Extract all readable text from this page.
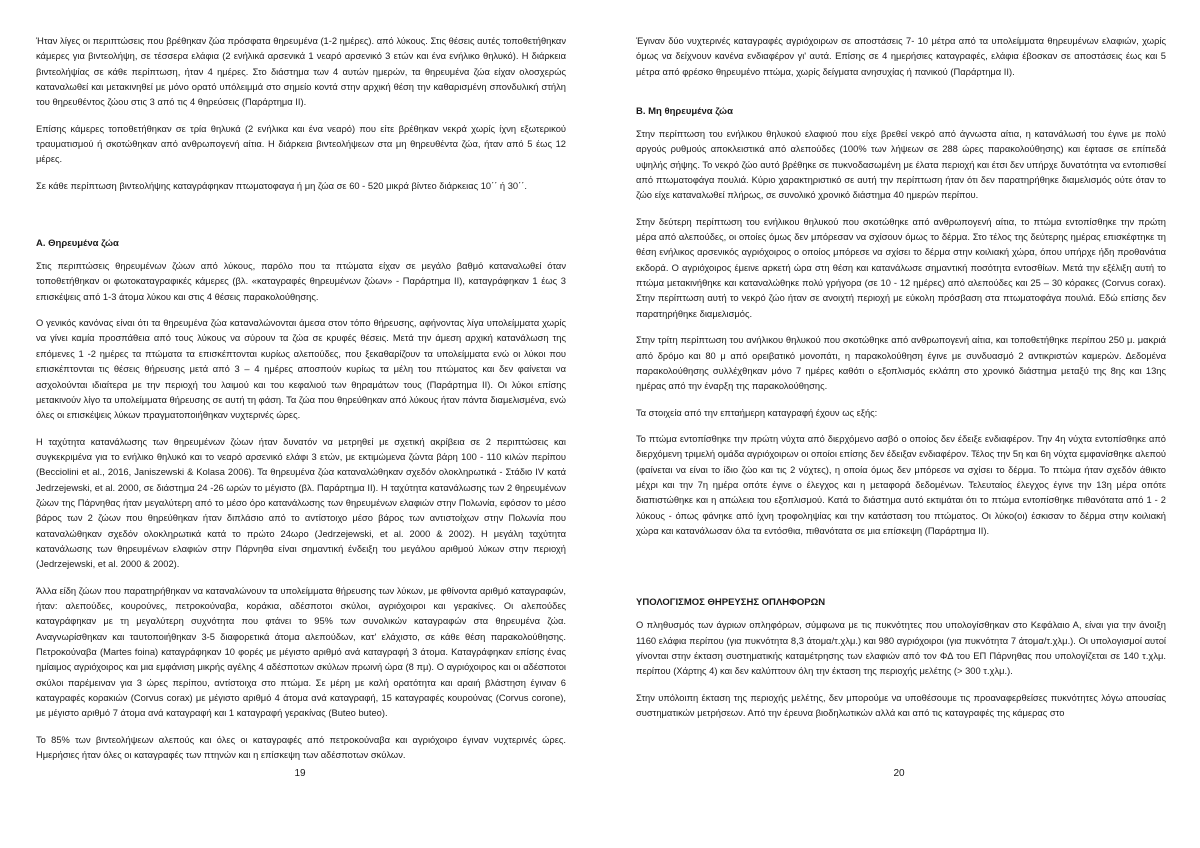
Ήταν λίγες οι περιπτώσεις που βρέθηκαν ζώα πρόσφατα θηρευμένα (1-2 ημέρες). από λύκους. Στις θέσεις αυτές τοποθετήθηκαν κάμερες για βιντεολήψη, σε τέσσερα ελάφια (2 ενήλικά αρσενικά 1 νεαρό αρσενικό 3 ετών και ένα ενήλικο θηλυκό). Η διάρκεια βιντεολήψίας σε κάθε περίπτωση, ήταν 4 ημέρες. Στο διάστημα των 4 αυτών ημερών, τα θηρευμένα ζώα είχαν ολοσχερώς καταναλωθεί και μετακινηθεί με μόνο ορατό υπόλειμμά στο σημείο κοντά στην αρχική θέση την καθαρισμένη σπονδυλική στήλη του θηρευθέντος ζώου στις 3 από τις 4 θηρεύσεις (Παράρτημα ΙΙ).

Επίσης κάμερες τοποθετήθηκαν σε τρία θηλυκά (2 ενήλικα και ένα νεαρό) που είτε βρέθηκαν νεκρά χωρίς ίχνη εξωτερικού τραυματισμού ή σκοτώθηκαν από ανθρωπογενή αίτια. Η διάρκεια βιντεολήψεων στα μη θηρευθέντα ζώα, ήταν από 5 έως 12 μέρες.

Σε κάθε περίπτωση βιντεολήψης καταγράφηκαν πτωματοφαγα ή μη ζώα σε 60 - 520 μικρά βίντεο διάρκειας 10΄΄ ή 30΄΄.

Α. Θηρευμένα ζώα

Στις περιπτώσεις θηρευμένων ζώων από λύκους, παρόλο που τα πτώματα είχαν σε μεγάλο βαθμό καταναλωθεί όταν τοποθετήθηκαν οι φωτοκαταγραφικές κάμερες (βλ. «καταγραφές θηρευμένων ζώων» - Παράρτημα ΙΙ), καταγράφηκαν 1 έως 3 επισκέψεις από 1-3 άτομα λύκου και στις 4 θέσεις παρακολούθησης.

Ο γενικός κανόνας είναι ότι τα θηρευμένα ζώα καταναλώνονται άμεσα στον τόπο θήρευσης, αφήνοντας λίγα υπολείμματα χωρίς να γίνει καμία προσπάθεια από τους λύκους να σύρουν τα ζώα σε κρυφές θέσεις. Μετά την άμεση αρχική κατανάλωση της επόμενες 1 -2 ημέρες τα πτώματα τα επισκέπτονται κυρίως αλεπούδες, που ξεκαθαρίζουν τα υπολείμματα ενώ οι λύκοι που επισκέπτονται τις θέσεις θήρευσης μετά από 3 – 4 ημέρες αποσπούν κυρίως τα μέλη του πτώματος και δεν φαίνεται να ασχολούνται ιδιαίτερα με την περιοχή του λαιμού και του κεφαλιού των θηραμάτων τους (Παράρτημα ΙΙ). Οι λύκοι επίσης μετακινούν λίγο τα υπολείμματα θήρευσης σε αυτή τη φάση. Τα ζώα που θηρεύθηκαν από λύκους ήταν πάντα διαμελισμένα, ενώ όλες οι επισκέψεις λύκων πραγματοποιήθηκαν νυχτερινές ώρες.

Η ταχύτητα κατανάλωσης των θηρευμένων ζώων ήταν δυνατόν να μετρηθεί με σχετική ακρίβεια σε 2 περιπτώσεις και συγκεκριμένα για το ενήλικο θηλυκό και το νεαρό αρσενικό ελάφι 3 ετών, με εκτιμώμενα ζώντα βάρη 100 - 110 κιλών περίπου (Becciolini et al., 2016, Janiszewski & Kolasa 2006). Τα θηρευμένα ζώα καταναλώθηκαν σχεδόν ολοκληρωτικά - Στάδιο IV κατά Jedrzejewski, et al. 2000, σε διάστημα 24 -26 ωρών το μέγιστο (βλ. Παράρτημα ΙΙ). Η ταχύτητα κατανάλωσης των 2 θηρευμένων ζώων της Πάρνηθας ήταν μεγαλύτερη από το μέσο όρο κατανάλωσης των θηρευμένων ελαφιών στην Πολωνία, εφόσον το μέσο βάρος των 2 ζώων που θηρεύθηκαν ήταν διπλάσιο από το αντίστοιχο μέσο βάρος των αντιστοίχων στην Πολωνία που καταναλώθηκαν σχεδόν ολοκληρωτικά κατά το πρώτο 24ωρο (Jedrzejewski, et al. 2000 & 2002). Η μεγάλη ταχύτητα κατανάλωσης των θηρευμένων ελαφιών στην Πάρνηθα είναι σημαντική ένδειξη του μεγάλου αριθμού λύκων στην περιοχή (Jedrzejewski, et al. 2000 & 2002).

Άλλα είδη ζώων που παρατηρήθηκαν να καταναλώνουν τα υπολείμματα θήρευσης των λύκων, με φθίνοντα αριθμό καταγραφών, ήταν: αλεπούδες, κουρούνες, πετροκούναβα, κοράκια, αδέσποτοι σκύλοι, αγριόχοιροι και γερακίνες. Οι αλεπούδες καταγράφηκαν με τη μεγαλύτερη συχνότητα που φτάνει το 95% των συνολικών καταγραφών στα θηρευμένα ζώα. Αναγνωρίσθηκαν και ταυτοποιήθηκαν 3-5 διαφορετικά άτομα αλεπούδων, κατ' ελάχιστο, σε κάθε θέση παρακολούθησης. Πετροκούναβα (Martes foina) καταγράφηκαν 10 φορές με μέγιστο αριθμό ανά καταγραφή 3 άτομα. Καταγράφηκαν επίσης ένας ημίαιμος αγριόχοιρος και μια εμφάνιση μικρής αγέλης 4 αδέσποτων σκύλων πρωινή ώρα (8 πμ). Ο αγριόχοιρος και οι αδέσποτοι σκύλοι παρέμειναν για 3 ώρες περίπου, αντίστοιχα στο πτώμα. Σε μέρη με καλή ορατότητα και αραιή βλάστηση έγιναν 6 καταγραφές κορακιών (Corvus corax) με μέγιστο αριθμό 4 άτομα ανά καταγραφή, 15 καταγραφές κουρούνας (Corvus corone), με μέγιστο αριθμό 7 άτομα ανά καταγραφή και 1 καταγραφή γερακίνας (Buteo buteo).

Το 85% των βιντεολήψεων αλεπούς και όλες οι καταγραφές από πετροκούναβα και αγριόχοιρο έγιναν νυχτερινές ώρες. Ημερήσιες ήταν όλες οι καταγραφές των πτηνών και η επίσκεψη των αδέσποτων σκύλων.

19

Έγιναν δύο νυχτερινές καταγραφές αγριόχοιρων σε αποστάσεις 7- 10 μέτρα από τα υπολείμματα θηρευμένων ελαφιών, χωρίς όμως να δείχνουν κανένα ενδιαφέρον γι' αυτά. Επίσης σε 4 ημερήσιες καταγραφές, ελάφια έβοσκαν σε αποστάσεις έως και 5 μέτρα από φρέσκο θηρευμένο πτώμα, χωρίς δείγματα ανησυχίας ή πανικού (Παράρτημα ΙΙ).

Β. Μη θηρευμένα ζώα

Στην περίπτωση του ενήλικου θηλυκού ελαφιού που είχε βρεθεί νεκρό από άγνωστα αίτια, η κατανάλωσή του έγινε με πολύ αργούς ρυθμούς αποκλειστικά από αλεπούδες (100% των λήψεων σε 288 ώρες παρακολούθησης) και έφτασε σε επίπεδά υψηλής σήψης. Το νεκρό ζώο αυτό βρέθηκε σε πυκνοδασωμένη με έλατα περιοχή και έτσι δεν υπήρχε δυνατότητα να εντοπισθεί από πτωματοφάγα πουλιά. Κύριο χαρακτηριστικό σε αυτή την περίπτωση ήταν ότι δεν παρατηρήθηκε διαμελισμός ούτε όταν το ζώο είχε καταναλωθεί πλήρως, σε συνολικό χρονικό διάστημα 40 ημερών περίπου.

Στην δεύτερη περίπτωση του ενήλικου θηλυκού που σκοτώθηκε από ανθρωπογενή αίτια, το πτώμα εντοπίσθηκε την πρώτη μέρα από αλεπούδες, οι οποίες όμως δεν μπόρεσαν να σχίσουν όμως το δέρμα. Στο τέλος της δεύτερης ημέρας επισκέφτηκε τη θέση ενήλικος αρσενικός αγριόχοιρος ο οποίος μπόρεσε να σχίσει το δέρμα στην κοιλιακή χώρα, όπου υπήρχε ήδη προθανάτια εκδορά. Ο αγριόχοιρος έμεινε αρκετή ώρα στη θέση και κατανάλωσε σημαντική ποσότητα εντοσθίων. Μετά την εξέλιξη αυτή το πτώμα μετακινήθηκε και καταναλώθηκε πολύ γρήγορα (σε 10 - 12 ημέρες) από αλεπούδες και 25 – 30 κόρακες (Corvus corax). Στην περίπτωση αυτή το νεκρό ζώο ήταν σε ανοιχτή περιοχή με εύκολη πρόσβαση στα πτωματοφάγα πουλιά. Εδώ επίσης δεν παρατηρήθηκε διαμελισμός.

Στην τρίτη περίπτωση του ανήλικου θηλυκού που σκοτώθηκε από ανθρωπογενή αίτια, και τοποθετήθηκε περίπου 250 μ. μακριά από δρόμο και 80 μ από ορειβατικό μονοπάτι, η παρακολούθηση έγινε με συνδυασμό 2 αντικριστών καμερών. Δεδομένα παρακολούθησης συλλέχθηκαν μόνο 7 ημέρες καθότι ο εξοπλισμός εκλάπη στο χρονικό διάστημα μεταξύ της 8ης και 13ης ημέρας από την έναρξη της παρακολούθησης.

Τα στοιχεία από την επταήμερη καταγραφή έχουν ως εξής:

Το πτώμα εντοπίσθηκε την πρώτη νύχτα από διερχόμενο ασβό ο οποίος δεν έδειξε ενδιαφέρον. Την 4η νύχτα εντοπίσθηκε από διερχόμενη τριμελή ομάδα αγριόχοιρων οι οποίοι επίσης δεν έδειξαν ενδιαφέρον. Τέλος την 5η και 6η νύχτα εμφανίσθηκε αλεπού (φαίνεται να είναι το ίδιο ζώο και τις 2 νύχτες), η οποία όμως δεν μπόρεσε να σχίσει το δέρμα. Το πτώμα ήταν σχεδόν άθικτο μέχρι και την 7η ημέρα οπότε έγινε ο έλεγχος και η μεταφορά δεδομένων. Τελευταίος έλεγχος έγινε την 13η μέρα οπότε διαπιστώθηκε και η απώλεια του εξοπλισμού. Κατά το διάστημα αυτό εκτιμάται ότι το πτώμα εντοπίσθηκε πιθανότατα από 1 - 2 λύκους - όπως φάνηκε από ίχνη τροφοληψίας και την κατάσταση του πτώματος. Οι λύκο(οι) έσκισαν το δέρμα στην κοιλιακή χώρα και κατανάλωσαν όλα τα εντόσθια, πιθανότατα σε μια επίσκεψη (Παράρτημα ΙΙ).

ΥΠΟΛΟΓΙΣΜΟΣ ΘΗΡΕΥΣΗΣ ΟΠΛΗΦΟΡΩΝ

Ο πληθυσμός των άγριων οπληφόρων, σύμφωνα με τις πυκνότητες που υπολογίσθηκαν στο Κεφάλαιο Α, είναι για την άνοιξη 1160 ελάφια περίπου (για πυκνότητα 8,3 άτομα/τ.χλμ.) και 980 αγριόχοιροι (για πυκνότητα 7 άτομα/τ.χλμ.). Οι υπολογισμοί αυτοί γίνονται στην έκταση συστηματικής καταμέτρησης των ελαφιών από τον ΦΔ του ΕΠ Πάρνηθας που υπολογίζεται σε 140 τ.χλμ. περίπου (Χάρτης 4) και δεν καλύπτουν όλη την έκταση της περιοχής μελέτης (> 300 τ.χλμ.).

Στην υπόλοιπη έκταση της περιοχής μελέτης, δεν μπορούμε να υποθέσουμε τις προαναφερθείσες πυκνότητες λόγω απουσίας συστηματικών μετρήσεων. Από την έρευνα βιοδηλωτικών αλλά και από τις καταγραφές της κάμερας στο

20
